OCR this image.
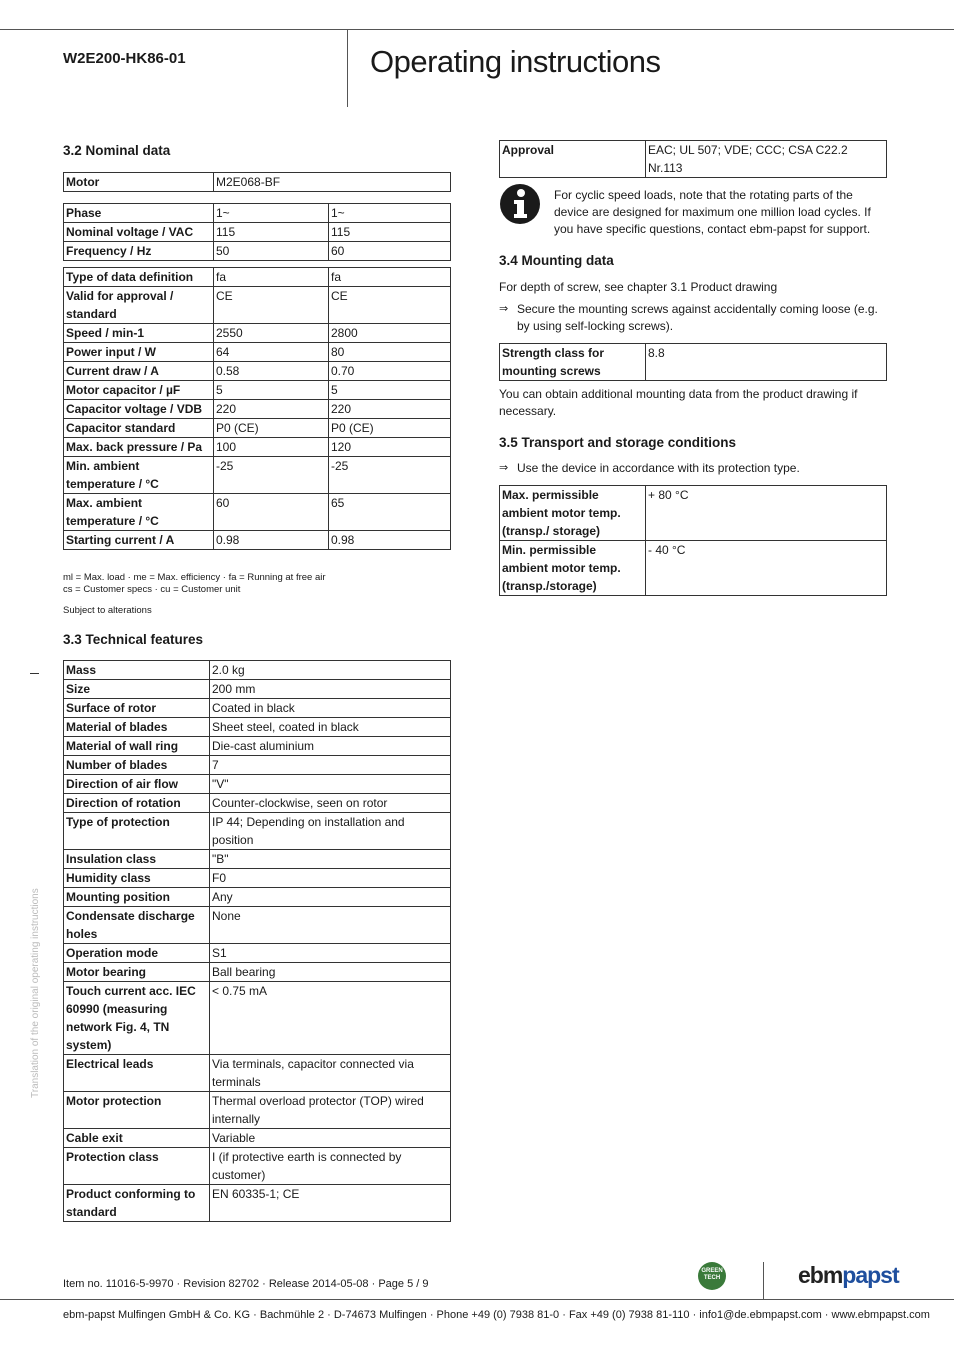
W2E200-HK86-01	Operating instructions
3.2 Nominal data
Motor	M2E068-BF
Phase	1~	1~
Nominal voltage / VAC	115	115
Frequency / Hz	50	60
Type of data definition	fa	fa
Valid for approval / standard	CE	CE
Speed / min-1	2550	2800
Power input / W	64	80
Current draw / A	0.58	0.70
Motor capacitor / µF	5	5
Capacitor voltage / VDB	220	220
Capacitor standard	P0 (CE)	P0 (CE)
Max. back pressure / Pa	100	120
Min. ambient temperature / °C	-25	-25
Max. ambient temperature / °C	60	65
Starting current / A	0.98	0.98
ml = Max. load · me = Max. efficiency · fa = Running at free air
cs = Customer specs · cu = Customer unit
Subject to alterations
3.3 Technical features
Mass	2.0 kg
Size	200 mm
Surface of rotor	Coated in black
Material of blades	Sheet steel, coated in black
Material of wall ring	Die-cast aluminium
Number of blades	7
Direction of air flow	"V"
Direction of rotation	Counter-clockwise, seen on rotor
Type of protection	IP 44; Depending on installation and position
Insulation class	"B"
Humidity class	F0
Mounting position	Any
Condensate discharge holes	None
Operation mode	S1
Motor bearing	Ball bearing
Touch current acc. IEC 60990 (measuring network Fig. 4, TN system)	< 0.75 mA
Electrical leads	Via terminals, capacitor connected via terminals
Motor protection	Thermal overload protector (TOP) wired internally
Cable exit	Variable
Protection class	I (if protective earth is connected by customer)
Product conforming to standard	EN 60335-1; CE
Approval	EAC; UL 507; VDE; CCC; CSA C22.2 Nr.113
For cyclic speed loads, note that the rotating parts of the device are designed for maximum one million load cycles. If you have specific questions, contact ebm-papst for support.
3.4 Mounting data
For depth of screw, see chapter 3.1 Product drawing
⇒ Secure the mounting screws against accidentally coming loose (e.g. by using self-locking screws).
Strength class for mounting screws	8.8
You can obtain additional mounting data from the product drawing if necessary.
3.5 Transport and storage conditions
⇒ Use the device in accordance with its protection type.
Max. permissible ambient motor temp. (transp./ storage)	+ 80 °C
Min. permissible ambient motor temp. (transp./storage)	- 40 °C
Translation of the original operating instructions
Item no. 11016-5-9970 · Revision 82702 · Release 2014-05-08 · Page 5 / 9
GREEN TECH	ebmpapst
ebm-papst Mulfingen GmbH & Co. KG · Bachmühle 2 · D-74673 Mulfingen · Phone +49 (0) 7938 81-0 · Fax +49 (0) 7938 81-110 · info1@de.ebmpapst.com · www.ebmpapst.com
